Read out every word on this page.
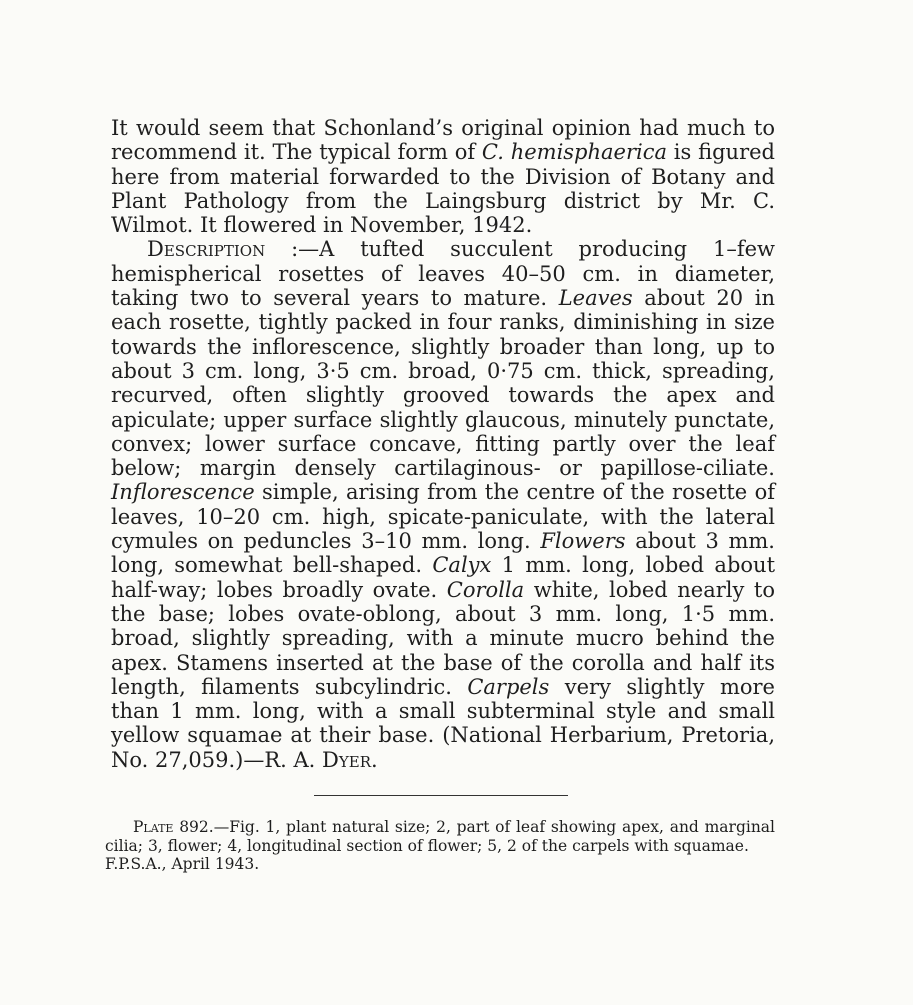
It would seem that Schonland’s original opinion had much to recommend it. The typical form of C. hemisphaerica is figured here from material forwarded to the Division of Botany and Plant Pathology from the Laingsburg district by Mr. C. Wilmot. It flowered in November, 1942.

Description :—A tufted succulent producing 1–few hemispherical rosettes of leaves 40–50 cm. in diameter, taking two to several years to mature. Leaves about 20 in each rosette, tightly packed in four ranks, diminishing in size towards the inflorescence, slightly broader than long, up to about 3 cm. long, 3·5 cm. broad, 0·75 cm. thick, spreading, recurved, often slightly grooved towards the apex and apiculate; upper surface slightly glaucous, minutely punctate, convex; lower surface concave, fitting partly over the leaf below; margin densely cartilaginous- or papillose-ciliate. Inflorescence simple, arising from the centre of the rosette of leaves, 10–20 cm. high, spicate-paniculate, with the lateral cymules on peduncles 3–10 mm. long. Flowers about 3 mm. long, somewhat bell-shaped. Calyx 1 mm. long, lobed about half-way; lobes broadly ovate. Corolla white, lobed nearly to the base; lobes ovate-oblong, about 3 mm. long, 1·5 mm. broad, slightly spreading, with a minute mucro behind the apex. Stamens inserted at the base of the corolla and half its length, filaments subcylindric. Carpels very slightly more than 1 mm. long, with a small subterminal style and small yellow squamae at their base. (National Herbarium, Pretoria, No. 27,059.)—R. A. Dyer.

Plate 892.—Fig. 1, plant natural size; 2, part of leaf showing apex, and marginal cilia; 3, flower; 4, longitudinal section of flower; 5, 2 of the carpels with squamae.

F.P.S.A., April 1943.
